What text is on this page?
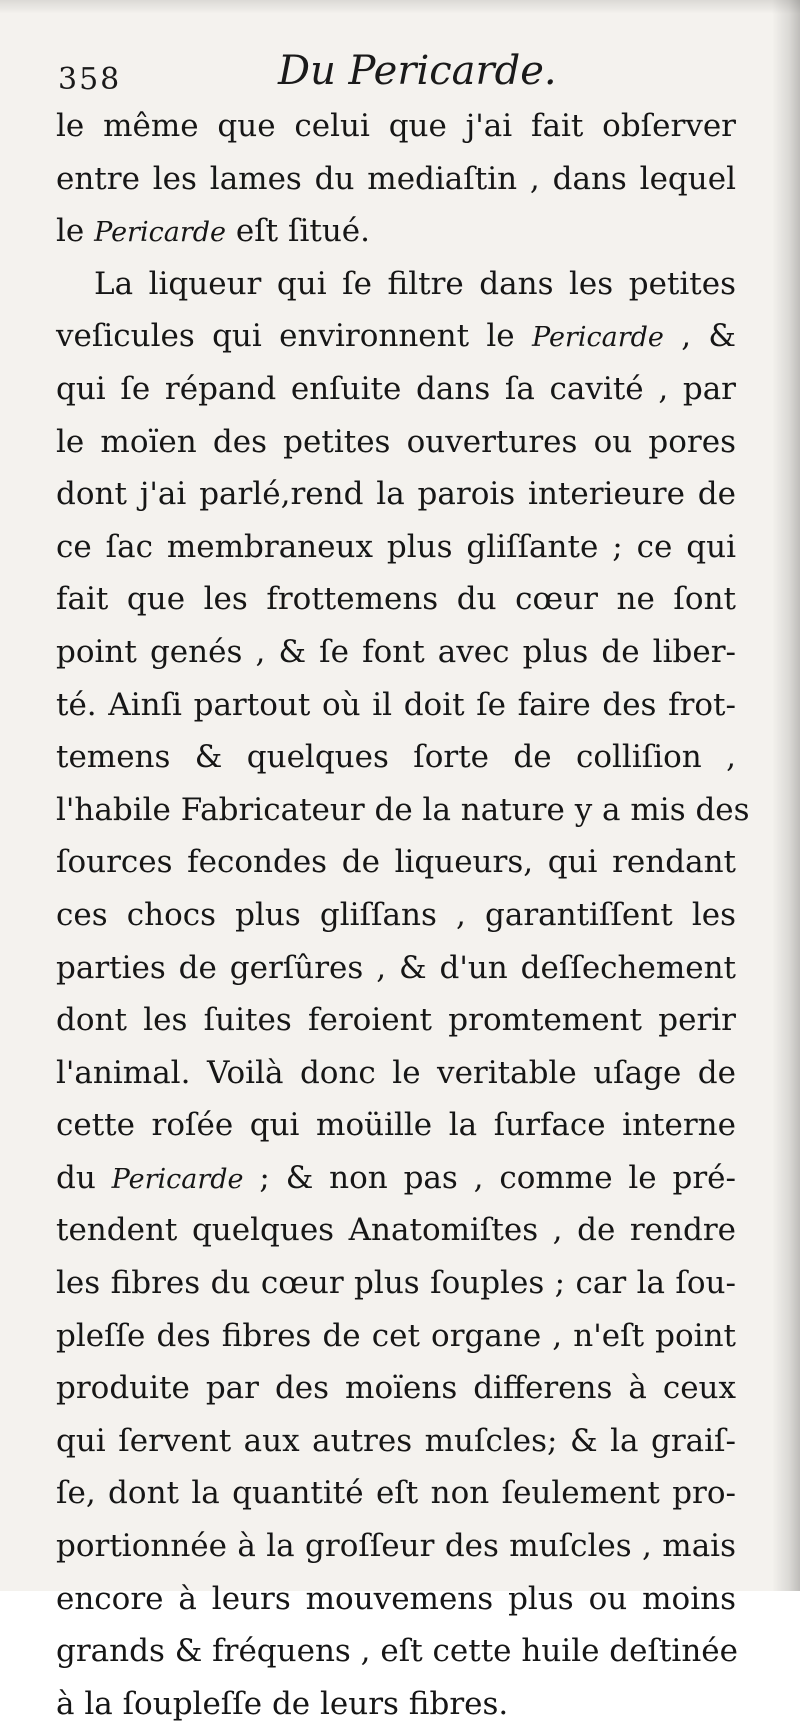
358	Du Pericarde.
le même que celui que j'ai fait obſerver
entre les lames du mediaſtin , dans lequel
le Pericarde eſt ſitué.
La liqueur qui ſe filtre dans les petites
veſicules qui environnent le Pericarde , &
qui ſe répand enſuite dans ſa cavité , par
le moïen des petites ouvertures ou pores
dont j'ai parlé,rend la parois interieure de
ce ſac membraneux plus gliſſante ; ce qui
fait que les frottemens du cœur ne ſont
point genés , & ſe font avec plus de liber-
té. Ainſi partout où il doit ſe faire des frot-
temens & quelques ſorte de colliſion ,
l'habile Fabricateur de la nature y a mis des
ſources fecondes de liqueurs, qui rendant
ces chocs plus gliſſans , garantiſſent les
parties de gerſûres , & d'un deſſechement
dont les ſuites feroient promtement perir
l'animal. Voilà donc le veritable uſage de
cette roſée qui moüille la ſurface interne
du Pericarde ; & non pas , comme le pré-
tendent quelques Anatomiſtes , de rendre
les fibres du cœur plus ſouples ; car la ſou-
pleſſe des fibres de cet organe , n'eſt point
produite par des moïens differens à ceux
qui ſervent aux autres muſcles; & la graiſ-
ſe, dont la quantité eſt non ſeulement pro-
portionnée à la groſſeur des muſcles , mais
encore à leurs mouvemens plus ou moins
grands & fréquens , eſt cette huile deſtinée
à la ſoupleſſe de leurs fibres.
